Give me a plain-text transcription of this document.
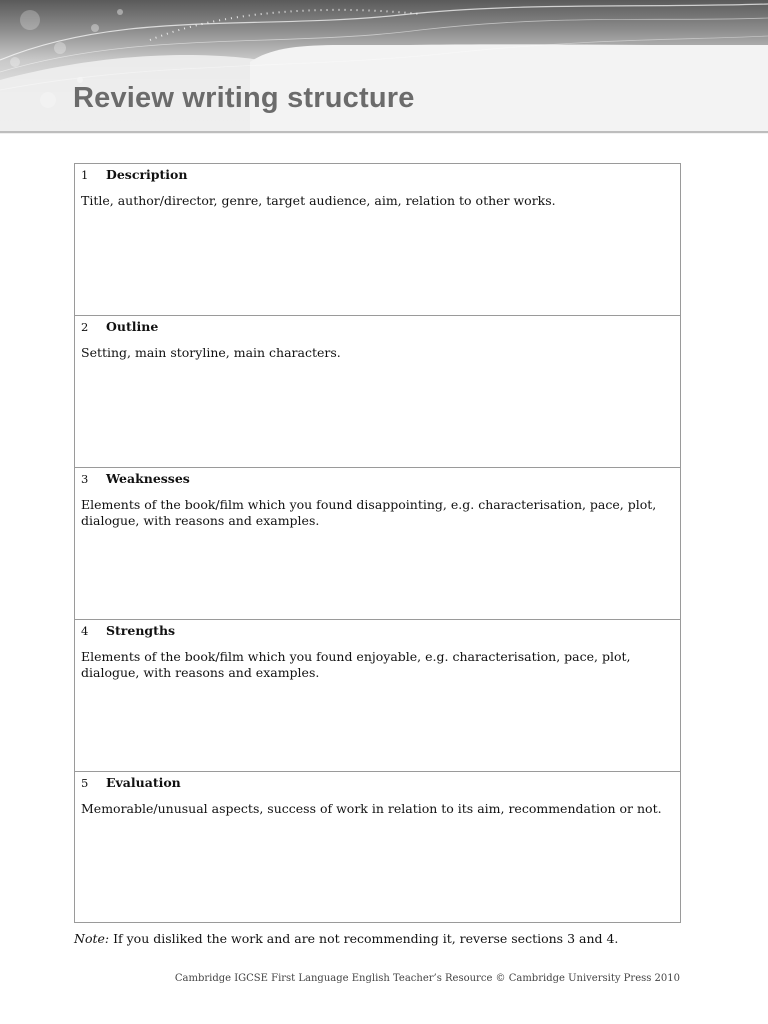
Review writing structure
1	Description
Title, author/director, genre, target audience, aim, relation to other works.
2	Outline
Setting, main storyline, main characters.
3	Weaknesses
Elements of the book/film which you found disappointing, e.g. characterisation, pace, plot, dialogue, with reasons and examples.
4	Strengths
Elements of the book/film which you found enjoyable, e.g. characterisation, pace, plot, dialogue, with reasons and examples.
5	Evaluation
Memorable/unusual aspects, success of work in relation to its aim, recommendation or not.
Note: If you disliked the work and are not recommending it, reverse sections 3 and 4.
Cambridge IGCSE First Language English Teacher’s Resource © Cambridge University Press 2010
